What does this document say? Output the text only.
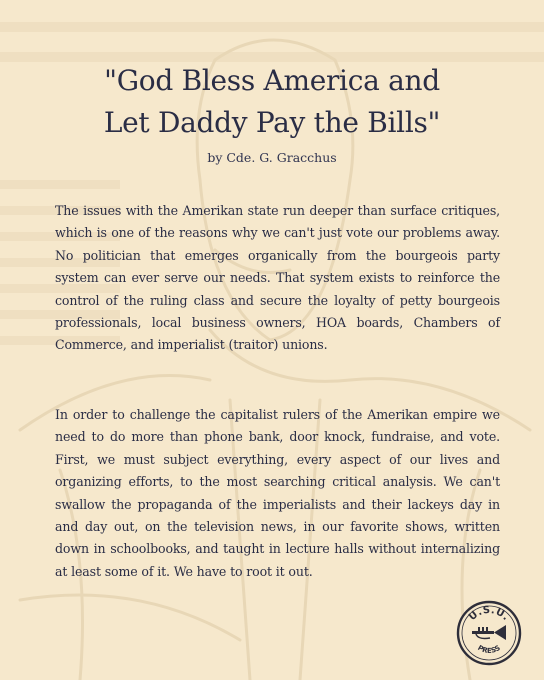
"God Bless America and
Let Daddy Pay the Bills"
by Cde. G. Gracchus

The issues with the Amerikan state run deeper than surface critiques, which is one of the reasons why we can't just vote our problems away. No politician that emerges organically from the bourgeois party system can ever serve our needs. That system exists to reinforce the control of the ruling class and secure the loyalty of petty bourgeois professionals, local business owners, HOA boards, Chambers of Commerce, and imperialist (traitor) unions.

In order to challenge the capitalist rulers of the Amerikan empire we need to do more than phone bank, door knock, fundraise, and vote. First, we must subject everything, every aspect of our lives and organizing efforts, to the most searching critical analysis. We can't swallow the propaganda of the imperialists and their lackeys day in and day out, on the television news, in our favorite shows, written down in schoolbooks, and taught in lecture halls without internalizing at least some of it. We have to root it out.

U.S.U.
PRESS
